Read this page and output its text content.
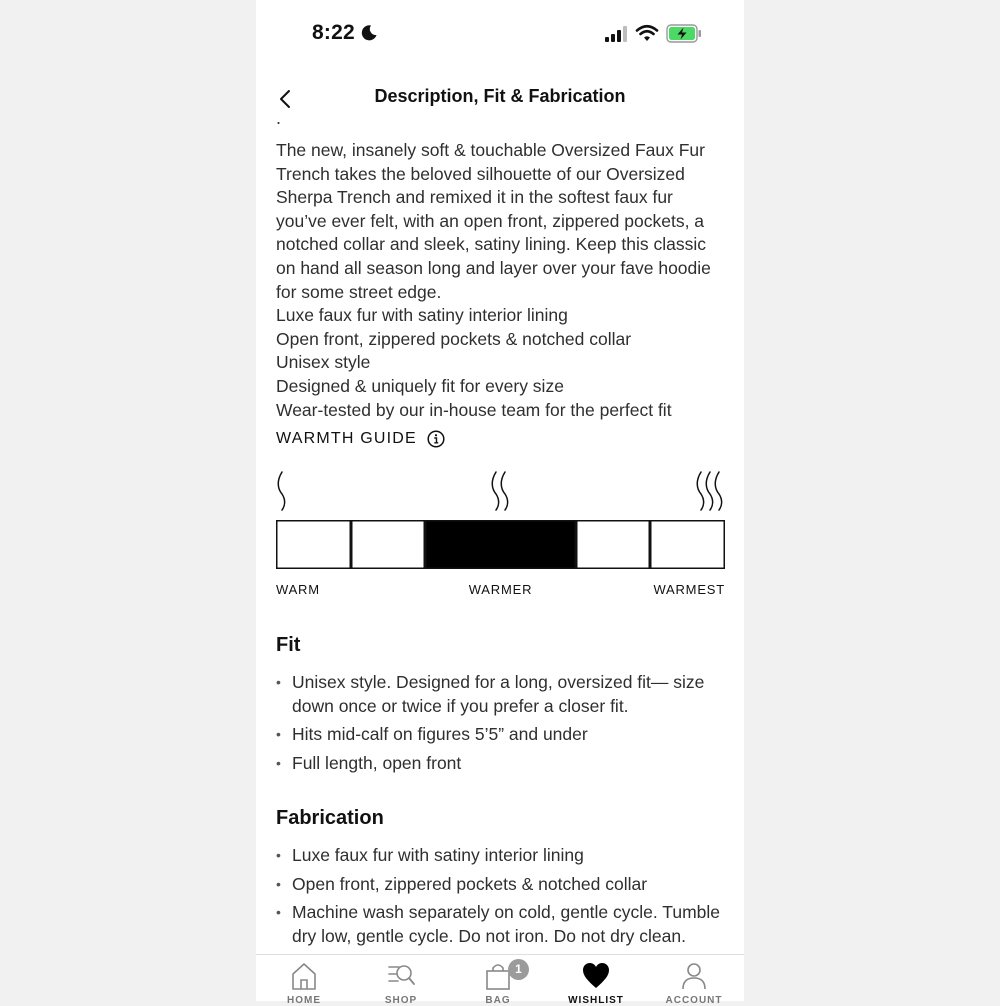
8:22
Description, Fit & Fabrication
.

The new, insanely soft & touchable Oversized Faux Fur Trench takes the beloved silhouette of our Oversized Sherpa Trench and remixed it in the softest faux fur you’ve ever felt, with an open front, zippered pockets, a notched collar and sleek, satiny lining. Keep this classic on hand all season long and layer over your fave hoodie for some street edge.

Luxe faux fur with satiny interior lining

Open front, zippered pockets & notched collar

Unisex style

Designed & uniquely fit for every size

Wear-tested by our in-house team for the perfect fit

WARMTH GUIDE
WARM	WARMER	WARMEST
Fit
• Unisex style. Designed for a long, oversized fit— size down once or twice if you prefer a closer fit.
• Hits mid-calf on figures 5’5” and under
• Full length, open front
Fabrication
• Luxe faux fur with satiny interior lining
• Open front, zippered pockets & notched collar
• Machine wash separately on cold, gentle cycle. Tumble dry low, gentle cycle. Do not iron. Do not dry clean.
HOME	SHOP
1
BAG	WISHLIST	ACCOUNT
